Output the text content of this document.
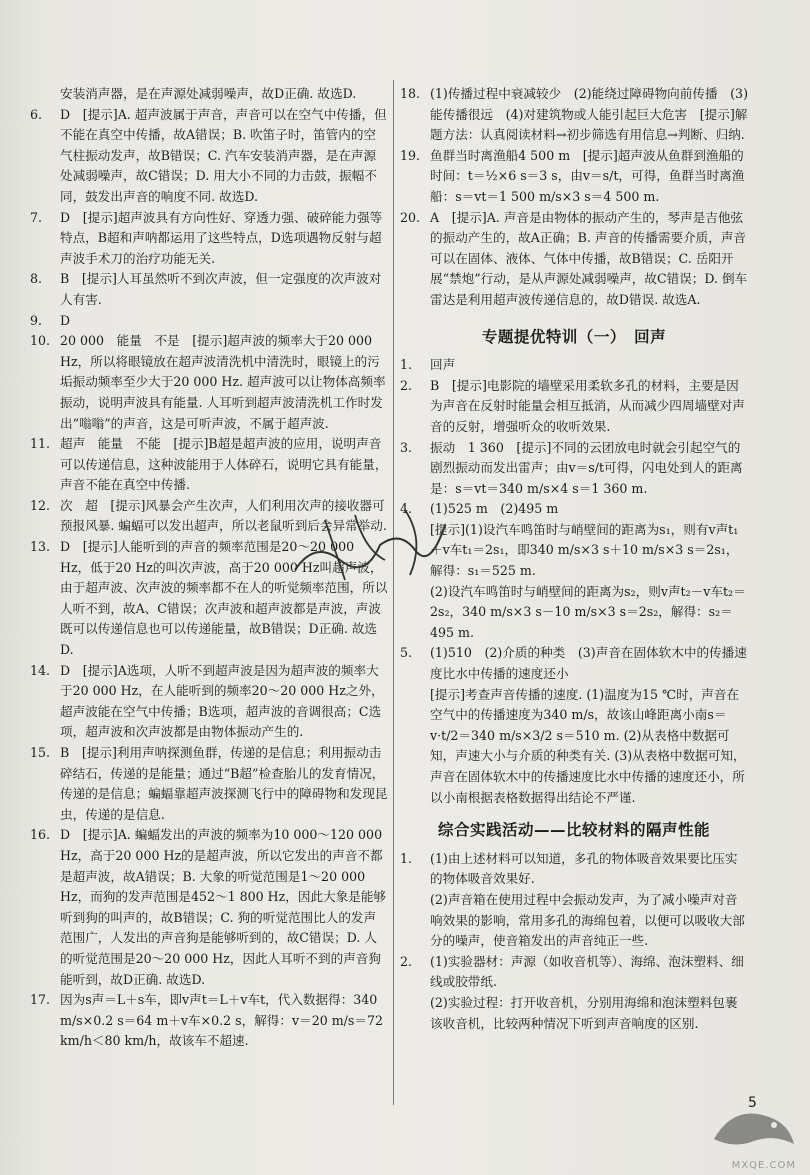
安装消声器，是在声源处减弱噪声，故D正确. 故选D.

6. D　[提示]A. 超声波属于声音，声音可以在空气中传播，但不能在真空中传播，故A错误；B. 吹笛子时，笛管内的空气柱振动发声，故B错误；C. 汽车安装消声器，是在声源处减弱噪声，故C错误；D. 用大小不同的力击鼓，振幅不同，鼓发出声音的响度不同. 故选D.

7. D　[提示]超声波具有方向性好、穿透力强、破碎能力强等特点，B超和声呐都运用了这些特点，D选项遇物反射与超声波手术刀的治疗功能无关.

8. B　[提示]人耳虽然听不到次声波，但一定强度的次声波对人有害.

9. D

10. 20 000　能量　不是　[提示]超声波的频率大于20 000 Hz，所以将眼镜放在超声波清洗机中清洗时，眼镜上的污垢振动频率至少大于20 000 Hz. 超声波可以让物体高频率振动，说明声波具有能量. 人耳听到超声波清洗机工作时发出“嗡嗡”的声音，这是可听声波，不属于超声波.

11. 超声　能量　不能　[提示]B超是超声波的应用，说明声音可以传递信息，这种波能用于人体碎石，说明它具有能量，声音不能在真空中传播.

12. 次　超　[提示]风暴会产生次声，人们利用次声的接收器可预报风暴. 蝙蝠可以发出超声，所以老鼠听到后会异常举动.

13. D　[提示]人能听到的声音的频率范围是20～20 000 Hz，低于20 Hz的叫次声波，高于20 000 Hz叫超声波，由于超声波、次声波的频率都不在人的听觉频率范围，所以人听不到，故A、C错误；次声波和超声波都是声波，声波既可以传递信息也可以传递能量，故B错误；D正确. 故选D.

14. D　[提示]A选项，人听不到超声波是因为超声波的频率大于20 000 Hz，在人能听到的频率20～20 000 Hz之外，超声波能在空气中传播；B选项，超声波的音调很高；C选项，超声波和次声波都是由物体振动产生的.

15. B　[提示]利用声呐探测鱼群，传递的是信息；利用振动击碎结石，传递的是能量；通过“B超”检查胎儿的发育情况，传递的是信息；蝙蝠靠超声波探测飞行中的障碍物和发现昆虫，传递的是信息.

16. D　[提示]A. 蝙蝠发出的声波的频率为10 000～120 000 Hz，高于20 000 Hz的是超声波，所以它发出的声音不都是超声波，故A错误；B. 大象的听觉范围是1～20 000 Hz，而狗的发声范围是452～1 800 Hz，因此大象是能够听到狗的叫声的，故B错误；C. 狗的听觉范围比人的发声范围广，人发出的声音狗是能够听到的，故C错误；D. 人的听觉范围是20～20 000 Hz，因此人耳听不到的声音狗能听到，故D正确. 故选D.

17. 因为s声＝L＋s车，即v声t＝L＋v车t，代入数据得：340 m/s×0.2 s＝64 m＋v车×0.2 s，解得：v＝20 m/s＝72 km/h＜80 km/h，故该车不超速.

18. (1)传播过程中衰减较少　(2)能绕过障碍物向前传播　(3)能传播很远　(4)对建筑物或人能引起巨大危害　[提示]解题方法：认真阅读材料→初步筛选有用信息→判断、归纳.

19. 鱼群当时离渔船4 500 m　[提示]超声波从鱼群到渔船的时间：t＝½×6 s＝3 s，由v＝s/t，可得，鱼群当时离渔船：s＝vt＝1 500 m/s×3 s＝4 500 m.

20. A　[提示]A. 声音是由物体的振动产生的，琴声是吉他弦的振动产生的，故A正确；B. 声音的传播需要介质，声音可以在固体、液体、气体中传播，故B错误；C. 岳阳开展“禁炮”行动，是从声源处减弱噪声，故C错误；D. 倒车雷达是利用超声波传递信息的，故D错误. 故选A.

专题提优特训（一）　回声

1. 回声

2. B　[提示]电影院的墙壁采用柔软多孔的材料，主要是因为声音在反射时能量会相互抵消，从而减少四周墙壁对声音的反射，增强听众的收听效果.

3. 振动　1 360　[提示]不同的云团放电时就会引起空气的剧烈振动而发出雷声；由v＝s/t可得，闪电处到人的距离是：s＝vt＝340 m/s×4 s＝1 360 m.

4. (1)525 m　(2)495 m

[提示](1)设汽车鸣笛时与峭壁间的距离为s₁，则有v声t₁＋v车t₁＝2s₁，即340 m/s×3 s＋10 m/s×3 s＝2s₁，解得：s₁＝525 m.

(2)设汽车鸣笛时与峭壁间的距离为s₂，则v声t₂－v车t₂＝2s₂，340 m/s×3 s－10 m/s×3 s＝2s₂，解得：s₂＝495 m.

5. (1)510　(2)介质的种类　(3)声音在固体软木中的传播速度比水中传播的速度还小

[提示]考查声音传播的速度. (1)温度为15 ℃时，声音在空气中的传播速度为340 m/s，故该山峰距离小南s＝v·t/2＝340 m/s×3/2 s＝510 m. (2)从表格中数据可知，声速大小与介质的种类有关. (3)从表格中数据可知，声音在固体软木中的传播速度比水中传播的速度还小，所以小南根据表格数据得出结论不严谨.

综合实践活动——比较材料的隔声性能

1. (1)由上述材料可以知道，多孔的物体吸音效果要比压实的物体吸音效果好.

(2)声音箱在使用过程中会振动发声，为了减小噪声对音响效果的影响，常用多孔的海绵包着，以便可以吸收大部分的噪声，使音箱发出的声音纯正一些.

2. (1)实验器材：声源（如收音机等）、海绵、泡沫塑料、细线或胶带纸.

(2)实验过程：打开收音机，分别用海绵和泡沫塑料包裹该收音机，比较两种情况下听到声音响度的区别.

5
MXQE.COM
